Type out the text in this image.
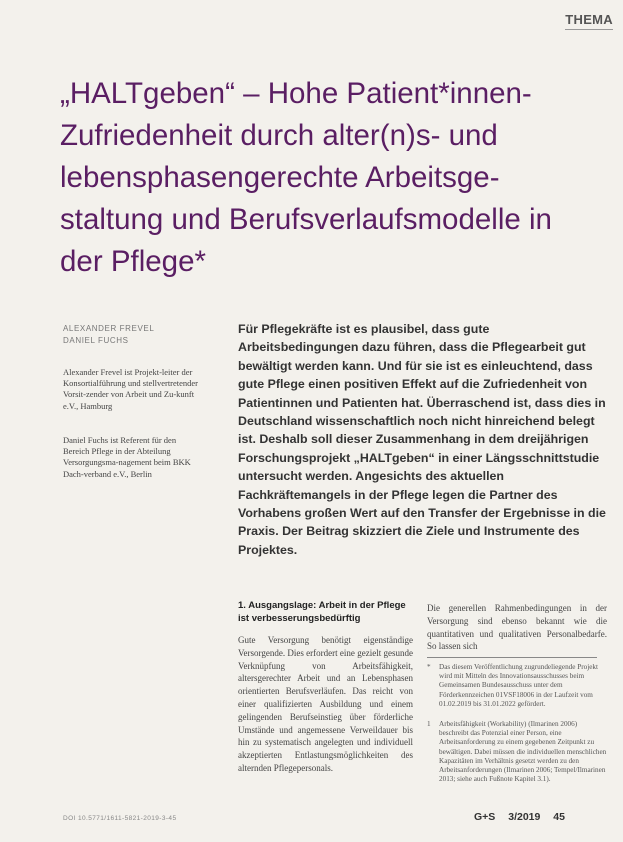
THEMA
„HALTgeben“ – Hohe Patient*innen-Zufriedenheit durch alter(n)s- und lebensphasengerechte Arbeitsge-staltung und Berufsverlaufsmodelle in der Pflege*
ALEXANDER FREVEL
DANIEL FUCHS
Alexander Frevel ist Projekt-leiter der Konsortialführung und stellvertretender Vorsit-zender von Arbeit und Zu-kunft e.V., Hamburg
Daniel Fuchs ist Referent für den Bereich Pflege in der Abteilung Versorgungsma-nagement beim BKK Dach-verband e.V., Berlin

Für Pflegekräfte ist es plausibel, dass gute Arbeitsbedingungen dazu führen, dass die Pflegearbeit gut bewältigt werden kann. Und für sie ist es einleuchtend, dass gute Pflege einen positiven Effekt auf die Zufriedenheit von Patientinnen und Patienten hat. Überraschend ist, dass dies in Deutschland wissenschaftlich noch nicht hinreichend belegt ist. Deshalb soll dieser Zusammenhang in dem dreijährigen Forschungsprojekt „HALTgeben“ in einer Längsschnittstudie untersucht werden. Angesichts des aktuellen Fachkräftemangels in der Pflege legen die Partner des Vorhabens großen Wert auf den Transfer der Ergebnisse in die Praxis. Der Beitrag skizziert die Ziele und Instrumente des Projektes.

1. Ausgangslage: Arbeit in der Pflege ist verbesserungsbedürftig

Gute Versorgung benötigt eigenständige Versorgende. Dies erfordert eine gezielt gesunde Verknüpfung von Arbeitsfähigkeit, altersgerechter Arbeit und an Lebensphasen orientierten Berufsverläufen. Das reicht von einer qualifizierten Ausbildung und einem gelingenden Berufseinstieg über förderliche Umstände und angemessene Verweildauer bis hin zu systematisch angelegten und individuell akzeptierten Entlastungsmöglichkeiten des alternden Pflegepersonals.

Die generellen Rahmenbedingungen in der Versorgung sind ebenso bekannt wie die quantitativen und qualitativen Personalbedarfe. So lassen sich

*	Das diesem Veröffentlichung zugrundeliegende Projekt wird mit Mitteln des Innovationsausschusses beim Gemeinsamen Bundesausschuss unter dem Förderkennzeichen 01VSF18006 in der Laufzeit vom 01.02.2019 bis 31.01.2022 gefördert.
1	Arbeitsfähigkeit (Workability) (Ilmarinen 2006) beschreibt das Potenzial einer Person, eine Arbeitsanforderung zu einem gegebenen Zeitpunkt zu bewältigen. Dabei müssen die individuellen menschlichen Kapazitäten im Verhältnis gesetzt werden zu den Arbeitsanforderungen (Ilmarinen 2006; Tempel/Ilmarinen 2013; siehe auch Fußnote Kapitel 3.1).
DOI 10.5771/1611-5821-2019-3-45	G+S 3/2019 45
